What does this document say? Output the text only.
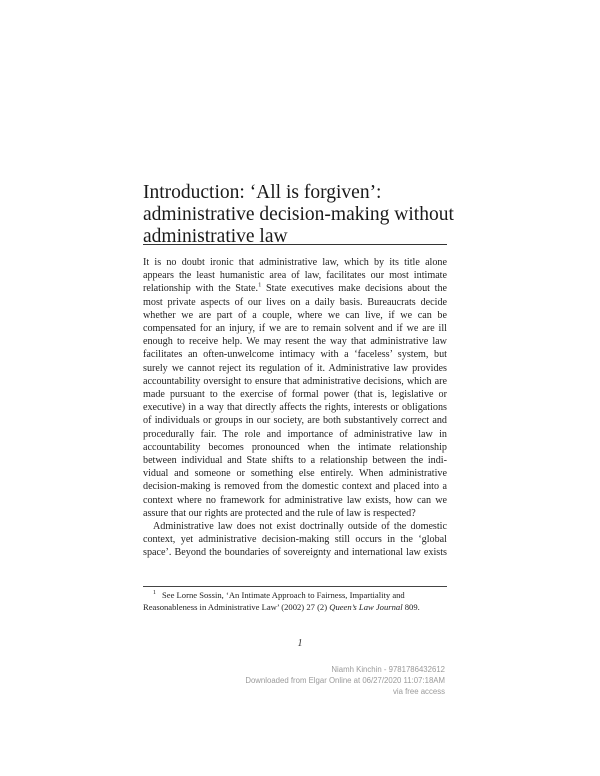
Introduction: ‘All is forgiven’:
administrative decision-making without
administrative law

It is no doubt ironic that administrative law, which by its title alone
appears the least humanistic area of law, facilitates our most intimate
relationship with the State.$^1$ State executives make decisions about the
most private aspects of our lives on a daily basis. Bureaucrats decide
whether we are part of a couple, where we can live, if we can be
compensated for an injury, if we are to remain solvent and if we are ill
enough to receive help. We may resent the way that administrative law
facilitates an often-unwelcome intimacy with a ‘faceless’ system, but
surely we cannot reject its regulation of it. Administrative law provides
accountability oversight to ensure that administrative decisions, which are
made pursuant to the exercise of formal power (that is, legislative or
executive) in a way that directly affects the rights, interests or obligations
of individuals or groups in our society, are both substantively correct and
procedurally fair. The role and importance of administrative law in
accountability becomes pronounced when the intimate relationship
between individual and State shifts to a relationship between the indi-
vidual and someone or something else entirely. When administrative
decision-making is removed from the domestic context and placed into a
context where no framework for administrative law exists, how can we
assure that our rights are protected and the rule of law is respected?

Administrative law does not exist doctrinally outside of the domestic
context, yet administrative decision-making still occurs in the ‘global
space’. Beyond the boundaries of sovereignty and international law exists

$^1$ See Lorne Sossin, ‘An Intimate Approach to Fairness, Impartiality and
Reasonableness in Administrative Law’ (2002) 27 (2) Queen’s Law Journal 809.
1
Niamh Kinchin - 9781786432612
Downloaded from Elgar Online at 06/27/2020 11:07:18AM
via free access
